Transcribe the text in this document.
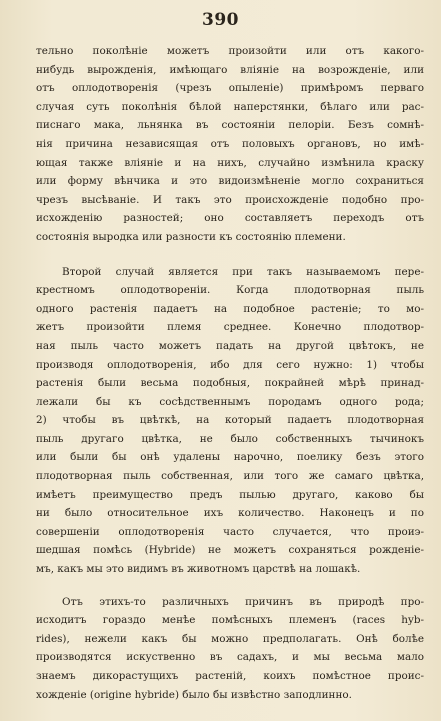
390
тельно поколѣніе можетъ произойти или отъ какого-
нибудь вырожденія, имѣющаго вліяніе на возрожденіе, или
отъ оплодотворенія (чрезъ опыленіе) примѣромъ перваго
случая суть поколѣнія бѣлой наперстянки, бѣлаго или рас-
писнаго мака, льнянка въ состояніи пелоріи. Безъ сомнѣ-
нія причина независящая отъ половыхъ органовъ, но имѣ-
ющая также вліяніе и на нихъ, случайно измѣнила краску
или форму вѣнчика и это видоизмѣненіе могло сохраниться
чрезъ высѣваніе. И такъ это происхожденіе подобно про-
исхожденію разностей; оно составляетъ переходъ отъ
состоянія выродка или разности къ состоянію племени.
Второй случай является при такъ называемомъ пере-
крестномъ оплодотвореніи. Когда плодотворная пыль
одного растенія падаетъ на подобное растеніе; то мо-
жетъ произойти племя среднее. Конечно плодотвор-
ная пыль часто можетъ падать на другой цвѣтокъ, не
производя оплодотворенія, ибо для сего нужно: 1) чтобы
растенія были весьма подобныя, покрайней мѣрѣ принад-
лежали бы къ сосѣдственнымъ породамъ одного рода;
2) чтобы въ цвѣткѣ, на который падаетъ плодотворная
пыль другаго цвѣтка, не было собственныхъ тычинокъ
или были бы онѣ удалены нарочно, поелику безъ этого
плодотворная пыль собственная, или того же самаго цвѣтка,
имѣетъ преимущество предъ пылью другаго, каково бы
ни было относительное ихъ количество. Наконецъ и по
совершеніи оплодотворенія часто случается, что проиэ-
шедшая помѣсь (Hybride) не можетъ сохраняться рожденіе-
мъ, какъ мы это видимъ въ животномъ царствѣ на лошакѣ.
Отъ этихъ-то различныхъ причинъ въ природѣ про-
исходитъ гораздо менѣе помѣсныхъ племенъ (races hyb-
rides), нежели какъ бы можно предполагать. Онѣ болѣе
производятся искуственно въ садахъ, и мы весьма мало
знаемъ дикорастущихъ растеній, коихъ помѣстное проис-
хожденіе (origine hybride) было бы извѣстно заподлинно.
